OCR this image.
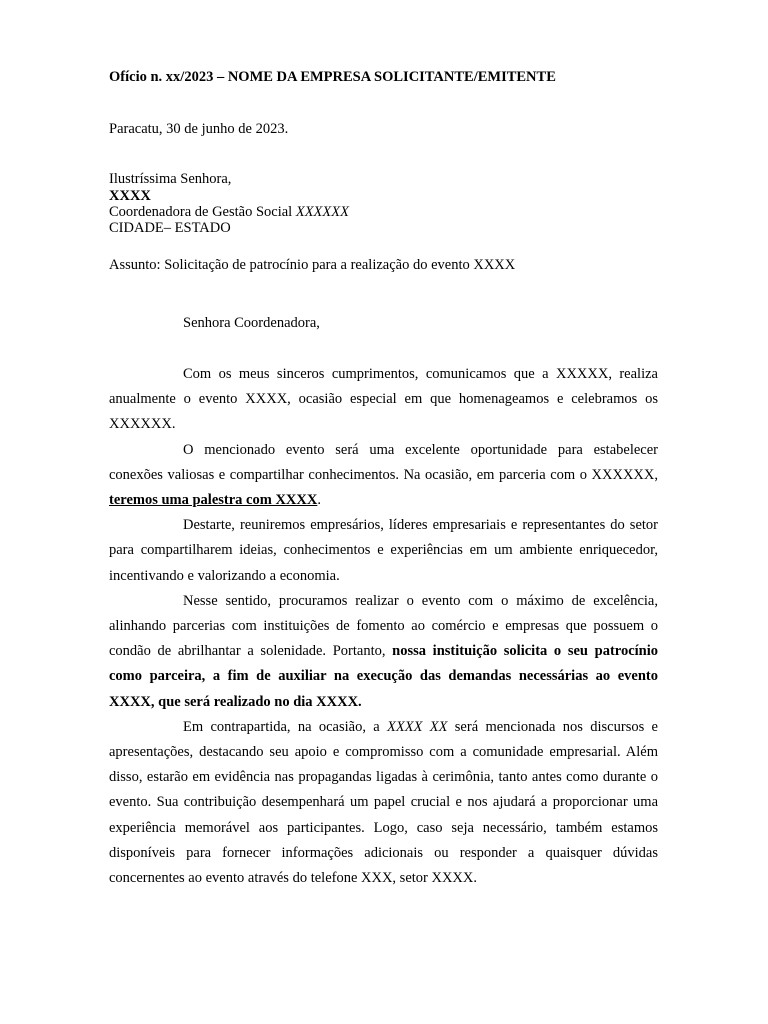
Ofício n. xx/2023 – NOME DA EMPRESA SOLICITANTE/EMITENTE
Paracatu, 30 de junho de 2023.
Ilustríssima Senhora,
XXXX
Coordenadora de Gestão Social XXXXXX
CIDADE– ESTADO
Assunto: Solicitação de patrocínio para a realização do evento XXXX
Senhora Coordenadora,

Com os meus sinceros cumprimentos, comunicamos que a XXXXX, realiza anualmente o evento XXXX, ocasião especial em que homenageamos e celebramos os XXXXXX.

O mencionado evento será uma excelente oportunidade para estabelecer conexões valiosas e compartilhar conhecimentos. Na ocasião, em parceria com o XXXXXX, teremos uma palestra com XXXX.

Destarte, reuniremos empresários, líderes empresariais e representantes do setor para compartilharem ideias, conhecimentos e experiências em um ambiente enriquecedor, incentivando e valorizando a economia.

Nesse sentido, procuramos realizar o evento com o máximo de excelência, alinhando parcerias com instituições de fomento ao comércio e empresas que possuem o condão de abrilhantar a solenidade. Portanto, nossa instituição solicita o seu patrocínio como parceira, a fim de auxiliar na execução das demandas necessárias ao evento XXXX, que será realizado no dia XXXX.

Em contrapartida, na ocasião, a XXXX XX será mencionada nos discursos e apresentações, destacando seu apoio e compromisso com a comunidade empresarial. Além disso, estarão em evidência nas propagandas ligadas à cerimônia, tanto antes como durante o evento. Sua contribuição desempenhará um papel crucial e nos ajudará a proporcionar uma experiência memorável aos participantes. Logo, caso seja necessário, também estamos disponíveis para fornecer informações adicionais ou responder a quaisquer dúvidas concernentes ao evento através do telefone XXX, setor XXXX.
